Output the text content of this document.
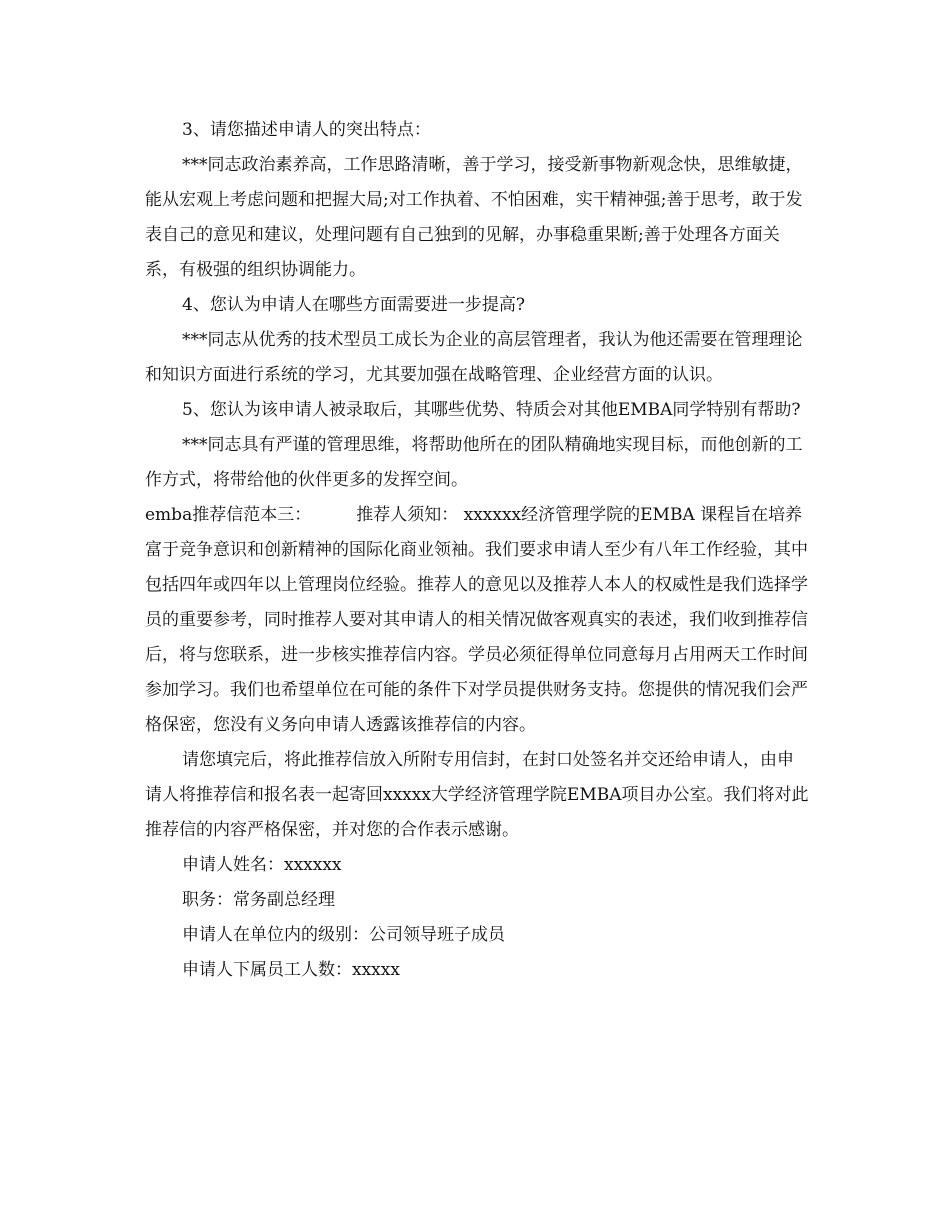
3、请您描述申请人的突出特点：

***同志政治素养高，工作思路清晰，善于学习，接受新事物新观念快，思维敏捷，能从宏观上考虑问题和把握大局;对工作执着、不怕困难，实干精神强;善于思考，敢于发表自己的意见和建议，处理问题有自己独到的见解，办事稳重果断;善于处理各方面关系，有极强的组织协调能力。

4、您认为申请人在哪些方面需要进一步提高?

***同志从优秀的技术型员工成长为企业的高层管理者，我认为他还需要在管理理论和知识方面进行系统的学习，尤其要加强在战略管理、企业经营方面的认识。

5、您认为该申请人被录取后，其哪些优势、特质会对其他EMBA同学特别有帮助?

***同志具有严谨的管理思维，将帮助他所在的团队精确地实现目标，而他创新的工作方式，将带给他的伙伴更多的发挥空间。

emba推荐信范本三：	推荐人须知： xxxxxx经济管理学院的EMBA 课程旨在培养富于竞争意识和创新精神的国际化商业领袖。我们要求申请人至少有八年工作经验，其中包括四年或四年以上管理岗位经验。推荐人的意见以及推荐人本人的权威性是我们选择学员的重要参考，同时推荐人要对其申请人的相关情况做客观真实的表述，我们收到推荐信后，将与您联系，进一步核实推荐信内容。学员必须征得单位同意每月占用两天工作时间参加学习。我们也希望单位在可能的条件下对学员提供财务支持。您提供的情况我们会严格保密，您没有义务向申请人透露该推荐信的内容。

请您填完后，将此推荐信放入所附专用信封，在封口处签名并交还给申请人，由申请人将推荐信和报名表一起寄回xxxxx大学经济管理学院EMBA项目办公室。我们将对此推荐信的内容严格保密，并对您的合作表示感谢。

申请人姓名：xxxxxx

职务：常务副总经理

申请人在单位内的级别：公司领导班子成员

申请人下属员工人数：xxxxx
